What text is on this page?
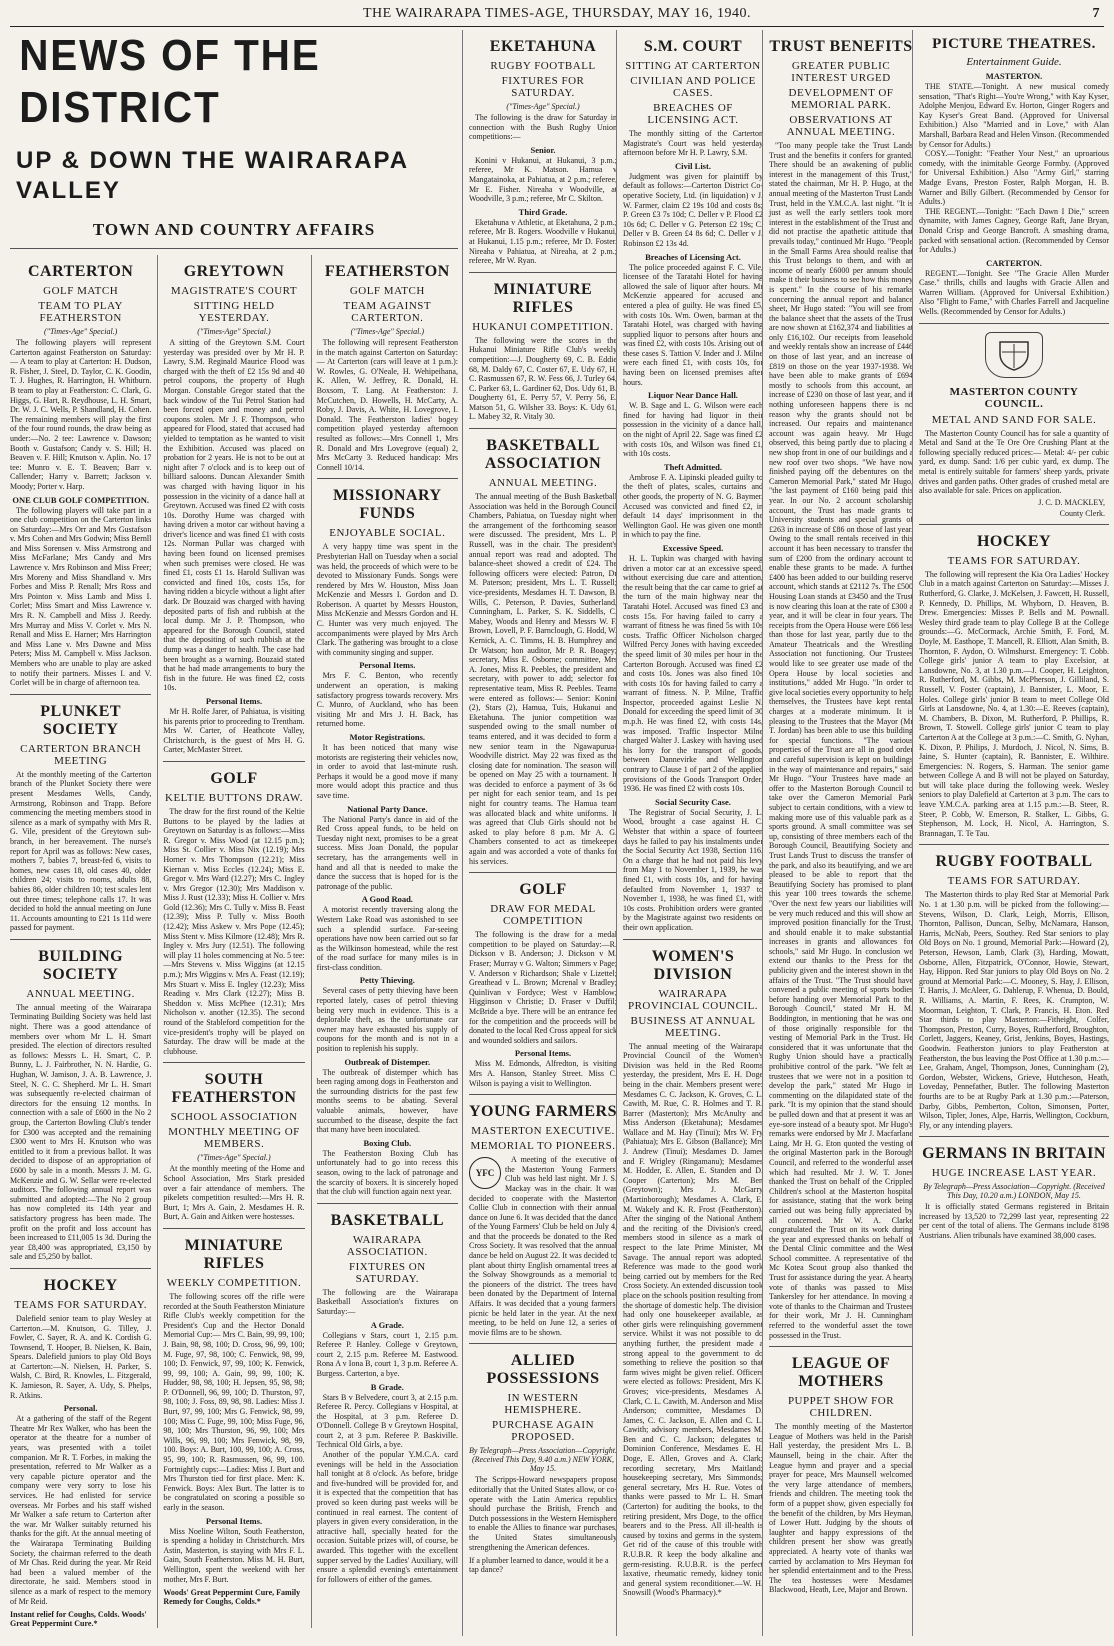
THE WAIRARAPA TIMES-AGE, THURSDAY, MAY 16, 1940.	7
NEWS OF THE DISTRICT
UP & DOWN THE WAIRARAPA VALLEY
TOWN AND COUNTRY AFFAIRS
CARTERTON
GOLF MATCH
TEAM TO PLAY FEATHERSTON
("Times-Age" Special.)

The following players will represent Carterton against Featherston on Saturday:— A team to play at Carterton: H. Dudson, R. Fisher, J. Steel, D. Taylor, C. K. Goodin, T. J. Hughes, R. Harrington, H. Whitburn. B team to play at Featherston: C. Clark, G. Higgs, G. Hart, R. Reydhouse, L. H. Smart, Dr. W. J. C. Wells, P. Shandland, H. Cohen. The remaining members will play the first of the four round rounds, the draw being as under:—No. 2 tee: Lawrence v. Dawson; Booth v. Gustafson; Candy v. S. Hill; H. Beaven v. F. Hill; Knutson v. Aplin. No. 17 tee: Munro v. E. T. Beaven; Barr v. Callender; Harry v. Barrett; Jackson v. Moody; Porter v. Harp.

ONE CLUB GOLF COMPETITION.

The following players will take part in a one club competition on the Carterton links on Saturday:—Mrs Orr and Mrs Gustafson v. Mrs Cohen and Mrs Godwin; Miss Bernll and Miss Sorensen v. Miss Armstrong and Miss McFarlane; Mrs Candy and Mrs Lawrence v. Mrs Robinson and Miss Freer; Mrs Moreny and Miss Shandland v. Mrs Forbes and Miss P. Renall; Mrs Ross and Mrs Pointon v. Miss Lamb and Miss I. Corlet; Miss Smart and Miss Lawrence v. Mrs R. N. Campbell and Miss J. Reedy. Mrs Murray and Miss V. Corlet v. Mrs N. Renall and Miss E. Harner; Mrs Harrington and Miss Lane v. Mrs Dawne and Miss Peters; Miss M. Campbell v. Miss Jackson. Members who are unable to play are asked to notify their partners. Misses I. and V. Corlet will be in charge of afternoon tea.

PLUNKET SOCIETY
CARTERTON BRANCH MEETING

At the monthly meeting of the Carterton branch of the Plunket Society there were present Mesdames Wells, Candy, Armstrong, Robinson and Trapp. Before commencing the meeting members stood in silence as a mark of sympathy with Mrs R. G. Vile, president of the Greytown sub-branch, in her bereavement. The nurse's report for April was as follows: New cases, mothers 7, babies 7, breast-fed 6, visits to homes, new cases 18, old cases 40, older children 24; visits to rooms, adults 88, babies 86, older children 10; test scales lent out three times; telephone calls 17. It was decided to hold the annual meeting on June 11. Accounts amounting to £21 1s 11d were passed for payment.

BUILDING SOCIETY
ANNUAL MEETING.

The annual meeting of the Wairarapa Terminating Building Society was held last night. There was a good attendance of members over whom Mr L. H. Smart presided. The election of directors resulted as follows: Messrs L. H. Smart, C. P. Bunny, L. J. Fairbrother, N. N. Hardie, G. Hughan, W. Jamison, J. A. B. Lawrence, J. Steel, N. C. C. Shepherd. Mr L. H. Smart was subsequently re-elected chairman of directors for the ensuing 12 months. In connection with a sale of £600 in the No 2 group, the Carterton Bowling Club's tender for £300 was accepted and the remaining £300 went to Mrs H. Knutson who was entitled to it from a previous ballot. It was decided to dispose of an appropriation of £600 by sale in a month. Messrs J. M. G. McKenzie and G. W. Sellar were re-elected auditors. The following annual report was submitted and adopted:—The No 2 group has now completed its 14th year and satisfactory progress has been made. The profit on the profit and loss account has been increased to £11,005 1s 3d. During the year £8,400 was appropriated, £3,150 by sale and £5,250 by ballot.

HOCKEY
TEAMS FOR SATURDAY.

Dalefield senior team to play Wesley at Carterton.—M. Knutson, G. Tilley, J. Fowler, C. Sayer, R. A. and K. Cordish G. Townsend, T. Hooper, B. Nielsen, K. Bain, Spears. Dalefield juniors to play Old Boys at Carterton:—N. Nielsen, H. Parker, S. Walsh, C. Bird, R. Knowles, L. Fitzgerald, K. Jamieson, R. Sayer, A. Udy, S. Phelps, R. Atkins.

Personal.

At a gathering of the staff of the Regent Theatre Mr Rex Walker, who has been the operator at the theatre for a number of years, was presented with a toilet companion. Mr R. T. Forbes, in making the presentation, referred to Mr Walker as a very capable picture operator and the company were very sorry to lose his services. He had enlisted for service overseas. Mr Forbes and his staff wished Mr Walker a safe return to Carterton after the war. Mr Walker suitably returned his thanks for the gift. At the annual meeting of the Wairarapa Terminating Building Society, the chairman referred to the death of Mr Chas. Reid during the year. Mr Reid had been a valued member of the directorate, he said. Members stood in silence as a mark of respect to the memory of Mr Reid.

Instant relief for Coughs, Colds. Woods' Great Peppermint Cure.*
GREYTOWN
MAGISTRATE'S COURT
SITTING HELD YESTERDAY.
("Times-Age" Special.)

A sitting of the Greytown S.M. Court yesterday was presided over by Mr H. P. Lawry, S.M. Reginald Maurice Flood was charged with the theft of £2 15s 9d and 40 petrol coupons, the property of Hugh Morgan. Constable Gregor stated that the back window of the Tui Petrol Station had been forced open and money and petrol coupons stolen. Mr J. F. Thompson, who appeared for Flood, stated that accused had yielded to temptation as he wanted to visit the Exhibition. Accused was placed on probation for 2 years. He is not to be out at night after 7 o'clock and is to keep out of billiard saloons. Duncan Alexander Smith was charged with having liquor in his possession in the vicinity of a dance hall at Greytown. Accused was fined £2 with costs 10s. Dorothy Hume was charged with having driven a motor car without having a driver's licence and was fined £1 with costs 12s. Norman Pullar was charged with having been found on licensed premises when such premises were closed. He was fined £1, costs £1 1s. Harold Sullivan was convicted and fined 10s, costs 15s, for having ridden a bicycle without a light after dark. Dr Bouzaid was charged with having deposited parts of fish and rubbish at the local dump. Mr J. P. Thompson, who appeared for the Borough Council, stated that the depositing of such rubbish at the dump was a danger to health. The case had been brought as a warning. Bouzaid stated that he had made arrangements to bury the fish in the future. He was fined £2, costs 10s.

Personal Items.

Mr H. Rolfe Jarer, of Pahiatua, is visiting his parents prior to proceeding to Trentham. Mrs W. Carter, of Heathcote Valley, Christchurch, is the guest of Mrs H. G. Carter, McMaster Street.

GOLF
KELTIE BUTTONS DRAW.

The draw for the first round of the Keltie Buttons to be played by the ladies at Greytown on Saturday is as follows:—Miss R. Gregor v. Miss Wood (at 12.15 p.m.); Miss St. Collier v. Miss Nix (12.19); Mrs Horner v. Mrs Thompson (12.21); Miss Kiernan v. Miss Eccles (12.24); Miss E. Gregor v. Mrs Ward (12.27); Mrs C. Ingley v. Mrs Gregor (12.30); Mrs Maddison v. Miss J. Rust (12.33); Miss H. Collier v. Mrs Gold (12.36); Mrs C. Tully v. Miss B. Feast (12.39); Miss P. Tully v. Miss Booth (12.42); Miss Askew v. Mrs Pope (12.45); Miss Stent v. Miss Kilmore (12.48); Mrs R. Ingley v. Mrs Jury (12.51). The following will play 11 holes commencing at No. 5 tee:—Mrs Stevens v. Miss Wiggins (at 12.15 p.m.); Mrs Wiggins v. Mrs A. Feast (12.19); Mrs Stuart v. Miss E. Ingley (12.23); Miss Reading v. Mrs Clark (12.27); Miss B. Sheddon v. Miss McPhee (12.31); Mrs Nicholson v. another (12.35). The second round of the Stableford competition for the vice-president's trophy will be played on Saturday. The draw will be made at the clubhouse.

SOUTH FEATHERSTON
SCHOOL ASSOCIATION
MONTHLY MEETING OF MEMBERS.
("Times-Age" Special.)

At the monthly meeting of the Home and School Association, Mrs Stark presided over a fair attendance of members. The pikelets competition resulted:—Mrs H. R. Burt, 1; Mrs A. Gain, 2. Mesdames H. R. Burt, A. Gain and Aitken were hostesses.

MINIATURE RIFLES
WEEKLY COMPETITION.

The following scores off the rifle were recorded at the South Featherston Miniature Rifle Club's weekly competition for the President's Cup and the Hector Donald Memorial Cup:— Mrs C. Bain, 99, 99, 100; J. Bain, 98, 98, 100; D. Cross, 96, 99, 100; M. Fuge, 97, 98, 100; C. Fenwick, 98, 99, 100; D. Fenwick, 97, 99, 100; K. Fenwick, 99, 99, 100; A. Gain, 99, 99, 100; K. Hudder, 98, 98, 100; H. Jepsen, 95, 98, 98; P. O'Donnell, 96, 99, 100; D. Thurston, 97, 98, 100; J. Foss, 89, 98, 98. Ladies: Miss J. Burt, 97, 99, 100; Mrs G. Fenwick, 98, 99, 100; Miss C. Fuge, 99, 100; Miss Fuge, 96, 98, 100; Mrs Thurston, 96, 99, 100; Mrs Wills, 96, 99, 100; Mrs Fenwick, 98, 99, 100. Boys: A. Burt, 100, 99, 100; A. Cross, 95, 99, 100; R. Rasmussen, 96, 99, 100. Fortnightly cups:—Ladies: Miss J. Burt and Mrs Thurston tied for first place. Men: K. Fenwick. Boys: Alex Burt. The latter is to be congratulated on scoring a possible so early in the season.

Personal Items.

Miss Noeline Wilton, South Featherston, is spending a holiday in Christchurch. Mrs Astin, Masterton, is staying with Mrs F. L. Gain, South Featherston. Miss M. H. Burt, Wellington, spent the weekend with her mother, Mrs F. Burt.

Woods' Great Peppermint Cure, Family Remedy for Coughs, Colds.*
FEATHERSTON
GOLF MATCH
TEAM AGAINST CARTERTON.
("Times-Age" Special.)

The following will represent Featherston in the match against Carterton on Saturday:— At Carterton (cars will leave at 1 p.m.): W. Rowles, G. O'Neale, H. Wehipeihana, K. Allen, W. Jeffrey, R. Donald, H. Boxsom, T. Lang. At Featherston: J. McCutchen, D. Howells, H. McCarty, A. Roby, J. Davis, A. White, H. Lovegrove, I. Donald. The Featherston ladies' bogey competition played yesterday afternoon resulted as follows:—Mrs Connell 1, Mrs R. Donald and Mrs Lovegrove (equal) 2, Mrs McCarty 3. Reduced handicap: Mrs Connell 10/14.

MISSIONARY FUNDS
ENJOYABLE SOCIAL.

A very happy time was spent in the Presbyterian Hall on Tuesday when a social was held, the proceeds of which were to be devoted to Missionary Funds. Songs were rendered by Mrs W. Houston, Miss Joan McKenzie and Messrs I. Gordon and D. Robertson. A quartet by Messrs Houston, Miss McKenzie and Messrs Gordon and H. C. Hunter was very much enjoyed. The accompaniments were played by Mrs Arch Clark. The gathering was brought to a close with community singing and supper.

Personal Items.

Mrs F. C. Benton, who recently underwent an operation, is making satisfactory progress towards recovery. Mrs C. Munro, of Auckland, who has been visiting Mr and Mrs J. H. Back, has returned home.

Motor Registrations.

It has been noticed that many wise motorists are registering their vehicles now, in order to avoid that last-minute rush. Perhaps it would be a good move if many more would adopt this practice and thus save time.

National Party Dance.

The National Party's dance in aid of the Red Cross appeal funds, to be held on Tuesday night next, promises to be a great success. Miss Joan Donald, the popular secretary, has the arrangements well in hand and all that is needed to make the dance the success that is hoped for is the patronage of the public.

A Good Road.

A motorist recently traversing along the Western Lake Road was astonished to see such a splendid surface. Far-seeing operations have now been carried out so far as the Wilkinson homestead, while the rest of the road surface for many miles is in first-class condition.

Petty Thieving.

Several cases of petty thieving have been reported lately, cases of petrol thieving being very much in evidence. This is a deplorable theft, as the unfortunate car owner may have exhausted his supply of coupons for the month and is not in a position to replenish his supply.

Outbreak of Distemper.

The outbreak of distemper which has been raging among dogs in Featherston and the surrounding districts for the past few months seems to be abating. Several valuable animals, however, have succumbed to the disease, despite the fact that many have been inoculated.

Boxing Club.

The Featherston Boxing Club has unfortunately had to go into recess this season, owing to the lack of patronage and the scarcity of boxers. It is sincerely hoped that the club will function again next year.

BASKETBALL
WAIRARAPA ASSOCIATION.
FIXTURES ON SATURDAY.

The following are the Wairarapa Basketball Association's fixtures on Saturday:—

A Grade.

Collegians v Stars, court 1, 2.15 p.m. Referee P. Hanley. College v Greytown, court 2, 2.15 p.m. Referee M. Eastwood. Rona A v Iona B, court 1, 3 p.m. Referee A. Burgess. Carterton, a bye.

B Grade.

Stars B v Belvedere, court 3, at 2.15 p.m. Referee R. Percy. Collegians v Hospital, at the Hospital, at 3 p.m. Referee D. O'Donnell. College B v Greytown Hospital, court 2, at 3 p.m. Referee P. Baskiville. Technical Old Girls, a bye.

Another of the popular Y.M.C.A. card evenings will be held in the Association hall tonight at 8 o'clock. As before, bridge and five-hundred will be provided for, and it is expected that the competition that has proved so keen during past weeks will be continued in real earnest. The content of players in given every consideration, in the attractive hall, specially heated for the occasion. Suitable prizes will, of course, be awarded. This together with the excellent supper served by the Ladies' Auxiliary, will ensure a splendid evening's entertainment for followers of either of the games.

EKETAHUNA
RUGBY FOOTBALL
FIXTURES FOR SATURDAY.
("Times-Age" Special.)

The following is the draw for Saturday in connection with the Bush Rugby Union competitions:—

Senior.

Konini v Hukanui, at Hukanui, 3 p.m.; referee, Mr K. Matson. Hamua v Mangatainoka, at Pahiatua, at 2 p.m.; referee, Mr E. Fisher. Nireaha v Woodville, at Woodville, 3 p.m.; referee, Mr C. Skilton.

Third Grade.

Eketahuna v Athletic, at Eketahuna, 2 p.m.; referee, Mr B. Rogers. Woodville v Hukanui, at Hukanui, 1.15 p.m.; referee, Mr D. Foster. Nireaha v Pahiatua, at Nireaha, at 2 p.m.; referee, Mr W. Ryan.

MINIATURE RIFLES
HUKANUI COMPETITION.

The following were the scores in the Hukanui Miniature Rifle Club's weekly competition:—J. Dougherty 69, C. B. Eddie 68, M. Daldy 67, C. Coster 67, E. Udy 67, H. C. Rasmussen 67, R. W. Fess 66, J. Turley 64, C. Parker 63, L. Gardiner 62, Dos. Udy 61, B. Dougherty 61, E. Perry 57, V. Perry 56, E. Matson 51, G. Wilsher 33. Boys: K. Udy 61, L. Mabey 32, R. Vitaly 30.

BASKETBALL ASSOCIATION
ANNUAL MEETING.

The annual meeting of the Bush Basketball Association was held in the Borough Council Chambers, Pahiatua, on Tuesday night when the arrangement of the forthcoming season were discussed. The president, Mrs L. P. Russell, was in the chair. The president's annual report was read and adopted. The balance-sheet showed a credit of £24. The following officers were elected: Patron, Dr M. Paterson; president, Mrs L. T. Russell; vice-presidents, Mesdames H. T. Dawson, B. Wills, C. Peterson, P. Davies, Sutherland, Cunningham, L. Parker, S. K. Siddells, C. Mabey, Woods and Henry and Messrs W. F. Brown, Lovell, P. F. Barnclough, G. Hodd, W. Kernick, A. C. Timms, H. B. Humphrey and Dr Watson; hon auditor, Mr P. R. Boagey; secretary, Miss E. Osborne; committee, Mrs A. Jones, Miss R. Peebles, the president and secretary, with power to add; selector for representative team, Miss R. Peebles. Teams were entered as follows:— Senior: Konini (2), Stars (2), Hamua, Tuis, Hukanui and Eketahuna. The junior competition was suspended owing to the small number of teams entered, and it was decided to form a new senior team in the Ngawapurua-Woodville district. May 22 was fixed as the closing date for nomination. The season will be opened on May 25 with a tournament. It was decided to enforce a payment of 3s 6d per night for each senior team, and 1s per night for country teams. The Hamua team was allocated black and white uniforms. It was agreed that Club Girls should not be asked to play before 8 p.m. Mr A. G. Chambers consented to act as timekeeper again and was accorded a vote of thanks for his services.

GOLF
DRAW FOR MEDAL COMPETITION

The following is the draw for a medal competition to be played on Saturday:—R. Dickson v B. Anderson; J. Dickson v M. Fraser; Murray v G. Walton; Simmers v Page; V. Anderson v Richardson; Shale v Lizettel; Greathead v L. Brown; Mcrenal v Bradley; Quinlivan v Fordyce; West v Hamblow; Higginson v Christie; D. Fraser v Duffil; McBride a bye. There will be an entrance fee for the competition and the proceeds will be donated to the local Red Cross appeal for sick and wounded soldiers and sailors.

Personal Items.

Miss M. Edmonds, Alfredton, is visiting Mrs A. Hanson, Stanley Street. Miss C. Wilson is paying a visit to Wellington.

YOUNG FARMERS
MASTERTON EXECUTIVE.
MEMORIAL TO PIONEERS.
YFC

A meeting of the executive of the Masterton Young Farmers' Club was held last night. Mr J. S. Mackay was in the chair. It was decided to cooperate with the Masterton Collie Club in connection with their annual dance on June 6. It was decided that the dance of the Young Farmers' Club be held on July 4, and that the proceeds be donated to the Red Cross Society. It was resolved that the annual dance be held on August 22. It was decided to plant about thirty English ornamental trees at the Solway Showgrounds as a memorial to the pioneers of the district. The trees have been donated by the Department of Internal Affairs. It was decided that a young farmers' picnic be held later in the year. At the next meeting, to be held on June 12, a series of movie films are to be shown.

ALLIED POSSESSIONS
IN WESTERN HEMISPHERE.
PURCHASE AGAIN PROPOSED.
By Telegraph—Press Association—Copyright. (Received This Day, 9.40 a.m.) NEW YORK, May 15.

The Scripps-Howard newspapers propose editorially that the United States allow, or co-operate with the Latin America republics should purchase the British, French and Dutch possessions in the Western Hemisphere to enable the Allies to finance war purchases, the United States simultaneously strengthening the American defences.

If a plumber learned to dance, would it be a tap dance?
S.M. COURT
SITTING AT CARTERTON
CIVILIAN AND POLICE CASES.
BREACHES OF LICENSING ACT.

The monthly sitting of the Carterton Magistrate's Court was held yesterday afternoon before Mr H. P. Lawry, S.M.

Civil List.

Judgment was given for plaintiff by default as follows:—Carterton District Co-operative Society, Ltd. (in liquidation) v J. W. Farmer, claim £2 19s 10d and costs 8s; P. Green £3 7s 10d; C. Deller v P. Flood £2 10s 6d; C. Deller v G. Peterson £2 19s; C. Deller v B. Green £4 8s 6d; C. Deller v J. Robinson £2 13s 4d.

Breaches of Licensing Act.

The police proceeded against F. C. Vile, licensee of the Taratahi Hotel for having allowed the sale of liquor after hours. Mr McKenzie appeared for accused and entered a plea of guilty. He was fined £5, with costs 10s. Wm. Owen, barman at the Taratahi Hotel, was charged with having supplied liquor to persons after hours and was fined £2, with costs 10s. Arising out of these cases S. Tattion V. Inder and J. Milne were each fined £1, with costs 10s, for having been on licensed premises after hours.

Liquor Near Dance Hall.

W. B. Sage and L. G. Wilson were each fined for having had liquor in their possession in the vicinity of a dance hall, on the night of April 22. Sage was fined £2 with costs 10s, and Wilson was fined £1, with 10s costs.

Theft Admitted.

Ambrose F. A. Lipinski pleaded guilty to the theft of plates, scales, curtains and other goods, the property of N. G. Baymer. Accused was convicted and fined £2, in default 14 days' imprisonment in the Wellington Gaol. He was given one month in which to pay the fine.

Excessive Speed.

H. L. Tupkin was charged with having driven a motor car at an excessive speed, without exercising due care and attention, the result being that the car came to grief at the turn of the main highway near the Taratahi Hotel. Accused was fined £3 and costs 15s. For having failed to carry a warrant of fitness he was fined 5s with 10s costs. Traffic Officer Nicholson charged Wilfred Percy Jones with having exceeded the speed limit of 30 miles per hour in the Carterton Borough. Accused was fined £2 and costs 10s. Jones was also fined 10s with costs 10s for having failed to carry a warrant of fitness. N. P. Milne, Traffic Inspector, proceeded against Leslie N. Donald for exceeding the speed limit of 30 m.p.h. He was fined £2, with costs 14s, was imposed. Traffic Inspector Milne charged Walter J. Laskey with having used his lorry for the transport of goods, between Dannevirke and Wellington contrary to Clause 1 of part 2 of the applied provisions of the Goods Transport Order, 1936. He was fined £2 with costs 10s.

Social Security Case.

The Registrar of Social Security, J. L. Wood, brought a case against H. C. Webster that within a space of fourteen days he failed to pay his instalments under the Social Security Act 1938, Section 116. On a charge that he had not paid his levy from May 1 to November 1, 1939, he was fined £1, with costs 10s, and for having defaulted from November 1, 1937 to November 1, 1938, he was fined £1, with 10s costs. Prohibition orders were granted by the Magistrate against two residents on their own application.

WOMEN'S DIVISION
WAIRARAPA PROVINCIAL COUNCIL.
BUSINESS AT ANNUAL MEETING.

The annual meeting of the Wairarapa Provincial Council of the Women's Division was held in the Red Rooms yesterday, the president, Mrs E. H. Doge being in the chair. Members present were: Mesdames C. C. Jackson, K. Groves, C. L. Cawith, M. Rue, C. R. Holmes and T. R. Barrer (Masterton); Mrs McAnulty and Miss Anderson (Eketahuna); Mesdames Wallace and M. Hay (Tinui); Mrs W. Fry (Pahiatua); Mrs E. Gibson (Ballance); Mrs J. Andrew (Tinui); Mesdames D. James and F. Wrigley (Ringamanu); Mesdames M. Hodder, E. Allen, E. Standen and D. Cooper (Carterton); Mrs M. Ben (Greytown); Mrs J. McGarry (Martinborough); Mesdames A. Clark, E. M. Wakely and K. R. Frost (Featherston). After the singing of the National Anthem and the reciting of the Division's creed, members stood in silence as a mark of respect to the late Prime Minister, Mr Savage. The annual report was adopted. Reference was made to the good work being carried out by members for the Red Cross Society. An extended discussion took place on the schools position resulting from the shortage of domestic help. The division had only one housekeeper available, as other girls were relinquishing government service. Whilst it was not possible to do anything further, the president made a strong appeal to the government to do something to relieve the position so that farm wives might be given relief. Officers were elected as follows: President, Mrs K. Groves; vice-presidents, Mesdames A. Clark, C. L. Cawith, M. Anderson and Miss Anderson; committee, Mesdames D. James, C. C. Jackson, E. Allen and C. L. Cawith; advisory members, Mesdames M. Ben and C. C. Jackson; delegates to Dominion Conference, Mesdames E. H. Doge, E. Allen, Groves and A. Clark; recording secretary, Mrs Maitland; housekeeping secretary, Mrs Simmonds; general secretary, Mrs H. Rue. Votes of thanks were passed to Mr L. H. Smart (Carterton) for auditing the books, to the retiring president, Mrs Doge, to the office bearers and to the Press. All ill-health is caused by toxins and germs in the system. Get rid of the cause of this trouble with R.U.B.R. R keep the body alkaline and germ-resisting. R.U.B.R. is the perfect laxative, rheumatic remedy, kidney tonic and general system reconditioner.—W. H. Snowsill (Wood's Pharmacy).*

TRUST BENEFITS
GREATER PUBLIC INTEREST URGED
DEVELOPMENT OF MEMORIAL PARK.
OBSERVATIONS AT ANNUAL MEETING.

"Too many people take the Trust Lands Trust and the benefits it confers for granted. There should be an awakening of public interest in the management of this Trust," stated the chairman, Mr H. P. Hugo, at the annual meeting of the Masterton Trust Lands Trust, held in the Y.M.C.A. last night. "It is just as well the early settlers took more interest in the establishment of the Trust and did not practise the apathetic attitude that prevails today," continued Mr Hugo. "People in the Small Farms Area should realise that this Trust belongs to them, and with an income of nearly £6000 per annum should make it their business to see how this money is spent." In the course of his remarks concerning the annual report and balance sheet, Mr Hugo stated: "You will see from the balance sheet that the assets of the Trust are now shown at £162,374 and liabilities at only £16,102. Our receipts from leasehold and weekly rentals show an increase of £446 on those of last year, and an increase of £819 on those on the year 1937-1938. We have been able to make grants of £694 mostly to schools from this account, an increase of £230 on those of last year, and if nothing unforeseen happens there is no reason why the grants should not be increased. Our repairs and maintenance account was again heavy. Mr Hugo observed, this being partly due to placing a new shop front in one of our buildings and a new roof over two shops. "We have now finished paying off the debentures on the Cameron Memorial Park," stated Mr Hugo, "the last payment of £160 being paid this year. In our No. 2 account scholarship account, the Trust has made grants to University students and special grants of £263 in increase of £86 on those of last year. Owing to the small rentals received in this account it has been necessary to transfer the sum of £200 from the ordinary account to enable these grants to be made. A further £400 has been added to our building reserve account, which stands at £2112 7s. The £500 Housing Loan stands at £3450 and the Trust is now clearing this loan at the rate of £300 a year, and it will be clear in four years. The receipts from the Opera House were £66 less than those for last year, partly due to the Amateur Theatricals and the Wrestling Association not functioning. Our Trustees would like to see greater use made of the Opera House by local societies and institutions," added Mr Hugo. "In order to give local societies every opportunity to help themselves, the Trustees have kept rental charges at a moderate minimum. It is pleasing to the Trustees that the Mayor (Mr T. Jordan) has been able to use this building for special functions. "The various properties of the Trust are all in good order and careful supervision is kept on buildings in the way of maintenance and repairs," said Mr Hugo. "Your Trustees have made an offer to the Masterton Borough Council to take over the Cameron Memorial Park subject to certain conditions, with a view to making more use of this valuable park as a sports ground. A small committee was set up, consisting of three members each of the Borough Council, Beautifying Society and Trust Lands Trust to discuss the transfer of the park, and also its beautifying, and we are pleased to be able to report that the Beautifying Society has promised to plant this year 100 trees towards the scheme. "Over the next few years our liabilities will be very much reduced and this will show an improved position financially for the Trust, and should enable it to make substantial increases in grants and allowances for schools," said Mr Hugo. In conclusion we extend our thanks to the Press for the publicity given and the interest shown in the affairs of the Trust. "The Trust should have convened a public meeting of sports bodies before handing over Memorial Park to the Borough Council," stated Mr H. M. Boddington, in mentioning that he was one of those originally responsible for the vesting of Memorial Park in the Trust. He considered that it was unfortunate that the Rugby Union should have a practically prohibitive control of the park. "We felt as trustees that we were not in a position to develop the park," stated Mr Hugo in commenting on the dilapidated state of the park. "It is my opinion that the stand should be pulled down and that at present it was an eye-sore instead of a beauty spot. Mr Hugo's remarks were endorsed by Mr J. Macfarlane Laing. Mr H. G. Eton quoted the vesting of the original Masterton park in the Borough Council, and referred to the wonderful asset which had resulted. Mr J. W. T. Jones thanked the Trust on behalf of the Crippled Children's school at the Masterton hospital for assistance, stating that the work being carried out was being fully appreciated by all concerned. Mr W. A. Clarke congratulated the Trust on its work during the year and expressed thanks on behalf of the Dental Clinic committee and the West School committee. A representative of the Mc Kotea Scout group also thanked the Trust for assistance during the year. A hearty vote of thanks was passed to Miss Tankersley for her attendance. In moving a vote of thanks to the Chairman and Trustees for their work, Mr J. H. Cunningham referred to the wonderful asset the town possessed in the Trust.

LEAGUE OF MOTHERS
PUPPET SHOW FOR CHILDREN.

The monthly meeting of the Masterton League of Mothers was held in the Parish Hall yesterday, the president Mrs L. B. Maunsell, being in the chair. After the League hymn and prayer and a special prayer for peace, Mrs Maunsell welcomed the very large attendance of members, friends and children. The meeting took the form of a puppet show, given especially for the benefit of the children, by Mrs Heyman, of Lower Hutt. Judging by the shouts of laughter and happy expressions of the children present her show was greatly appreciated. A hearty vote of thanks was carried by acclamation to Mrs Heyman for her splendid entertainment and to the Press. The tea hostesses were Mesdames Blackwood, Heath, Lee, Major and Brown.

PICTURE THEATRES.
Entertainment Guide.
MASTERTON.

THE STATE.—Tonight. A new musical comedy sensation, "That's Right—You're Wrong," with Kay Kyser, Adolphe Menjou, Edward Ev. Horton, Ginger Rogers and Kay Kyser's Great Band. (Approved for Universal Exhibition.) Also "Married and in Love," with Alan Marshall, Barbara Read and Helen Vinson. (Recommended by Censor for Adults.)

COSY.—Tonight: "Feather Your Nest," an uproarious comedy, with the inimitable George Formby. (Approved for Universal Exhibition.) Also "Army Girl," starring Madge Evans, Preston Foster, Ralph Morgan, H. B. Warner and Billy Gilbert. (Recommended by Censor for Adults.)

THE REGENT.—Tonight: "Each Dawn I Die," screen dynamite, with James Cagney, George Raft, Jane Bryan, Donald Crisp and George Bancroft. A smashing drama, packed with sensational action. (Recommended by Censor for Adults.)

CARTERTON.

REGENT.—Tonight. See "The Gracie Allen Murder Case." thrills, chills and laughs with Gracie Allen and Warren William. (Approved for Universal Exhibition.) Also "Flight to Fame," with Charles Farrell and Jacqueline Wells. (Recommended by Censor for Adults.)

MASTERTON COUNTY COUNCIL.
METAL AND SAND FOR SALE.

The Masterton County Council has for sale a quantity of Metal and Sand at the Te Ore Ore Crushing Plant at the following specially reduced prices:— Metal: 4/- per cubic yard, ex dump. Sand: 1/6 per cubic yard, ex dump. The metal is entirely suitable for farmers' sheep yards, private drives and garden paths. Other grades of crushed metal are also available for sale. Prices on application.

J. C. D. MACKLEY,
County Clerk.
HOCKEY
TEAMS FOR SATURDAY.

The following will represent the Kia Ora Ladies' Hockey Club in a match against Carterton on Saturday:—Misses J. Rutherford, G. Clarke, J. McKelsen, J. Fawcett, H. Russell, P. Kennedy, D. Phillips, M. Whyborn, D. Heaven, B. Drew. Emergencies: Misses P. Bells and M. Pownall. Wesley third grade team to play College B at the College grounds:—G. McCormack, Archie Smith, F. Ford, M. Doyle, M. Easthope, T. Mancell, R. Elliott, Alan Smith, B. Thornton, F. Aydon, O. Wilmshurst. Emergency: T. Cobb. College girls' junior A team to play Excelsior, at Lansdowne, No. 3, at 1.30 p.m.—J. Cooper, H. Leighton, R. Rutherford, M. Gibbs, M. McPherson, J. Gilliland, S. Russell, V. Foster (captain), J. Bannister, L. Moor, E. Holes. College girls' junior B team to meet College Old Girls at Lansdowne, No. 4, at 1.30:—E. Reeves (captain), M. Chambers, B. Dixon, M. Rutherford, P. Phillips, R. Brown, T. Stowell. College girls' junior C team to play Carterton A at the College at 3 p.m.:—C. Smith, G. Nyhan, K. Dixon, P. Philips, J. Murdoch, J. Nicol, N. Sims, B. Jaine, S. Hunter (captain), R. Bannister, E. Wilthire. Emergencies: N. Rogers, S. Harman. The senior game between College A and B will not be played on Saturday, but will take place during the following week. Wesley seniors to play Dalefield at Carterton at 3 p.m. The cars to leave Y.M.C.A. parking area at 1.15 p.m.:—B. Steer, R. Steer, P. Cobb, W. Emerson, R. Stalker, L. Gibbs, G. Stephenson, M. Lock, H. Nicol, A. Harrington, S. Brannagan, T. Te Tau.

RUGBY FOOTBALL
TEAMS FOR SATURDAY.

The Masterton thirds to play Red Star at Memorial Park No. 1 at 1.30 p.m. will be picked from the following:—Stevens, Wilson, D. Clark, Leigh, Morris, Ellison, Thornton, Pallison, Duncan, Selby, McNamara, Hanson, Harris, McNab, Peers, Southey. Red Star seniors to play Old Boys on No. 1 ground, Memorial Park:—Howard (2), Peterson, Hewson, Lamb, Clark (3), Harding, Mowatt, Osborne, Allen, Fitzpatrick, O'Connor, Howie, Stewart, Hay, Hippon. Red Star juniors to play Old Boys on No. 2 ground at Memorial Park:—C. Mooney, S. Hay, J. Ellison, T. Harris, J. McAleer, G. Dahlerup, F. Whenua, D. Bould, R. Williams, A. Martin, F. Rees, K. Crumpton, W. Moorman, Leighton, T. Clark, P. Francis, H. Eton. Red Star thirds to play Masterton:—Fitheight, Colfer, Thompson, Preston, Curry, Boyes, Rutherford, Broughton, Corlett, Jaggers, Keaney, Grist, Jenkins, Boyes, Hastings, Goodwin. Featherston juniors to play Featherston at Featherston, the bus leaving the Post Office at 1.30 p.m.:—Lee, Graham, Angel, Thompson, Jones, Cunningham (2), Gordon, Webster, Wickens, Grieve, Hutcheson, Heath, Loveday, Pennefather, Butler. The following Masterton fourths are to be at Rugby Park at 1.30 p.m.:—Paterson, Darby, Gibbs, Pemberton, Colton, Simonsen, Porter, Wilson, Tipler, Jones, Alpe, Harris, Wellington, Cockburn, Fly, or any intending players.

GERMANS IN BRITAIN
HUGE INCREASE LAST YEAR.
By Telegraph—Press Association—Copyright. (Received This Day, 10.20 a.m.) LONDON, May 15.

It is officially stated Germans registered in Britain increased by 13,520 to 72,299 last year, representing 22 per cent of the total of aliens. The Germans include 8198 Austrians. Alien tribunals have examined 38,000 cases.
